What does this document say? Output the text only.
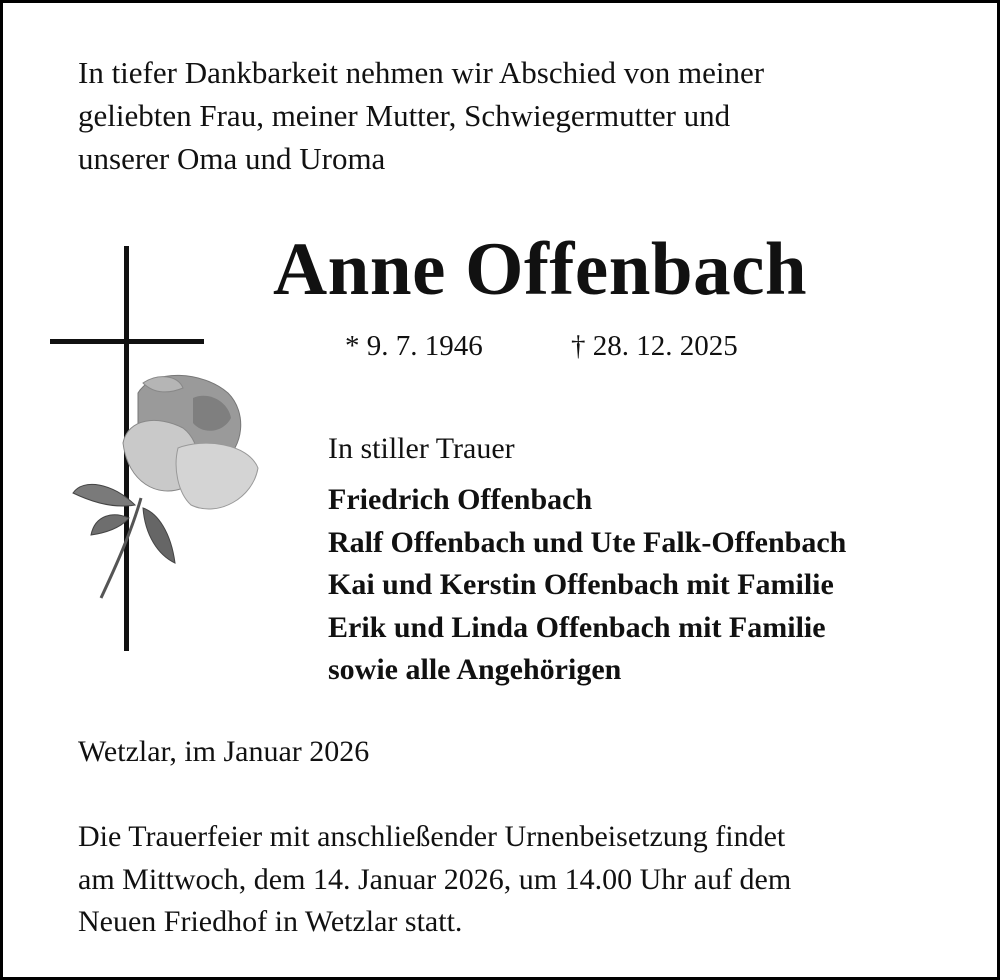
In tiefer Dankbarkeit nehmen wir Abschied von meiner
geliebten Frau, meiner Mutter, Schwiegermutter und
unserer Oma und Uroma
Anne Offenbach
* 9. 7. 1946	† 28. 12. 2025
In stiller Trauer
Friedrich Offenbach
Ralf Offenbach und Ute Falk-Offenbach
Kai und Kerstin Offenbach mit Familie
Erik und Linda Offenbach mit Familie
sowie alle Angehörigen
Wetzlar, im Januar 2026
Die Trauerfeier mit anschließender Urnenbeisetzung findet
am Mittwoch, dem 14. Januar 2026, um 14.00 Uhr auf dem
Neuen Friedhof in Wetzlar statt.
